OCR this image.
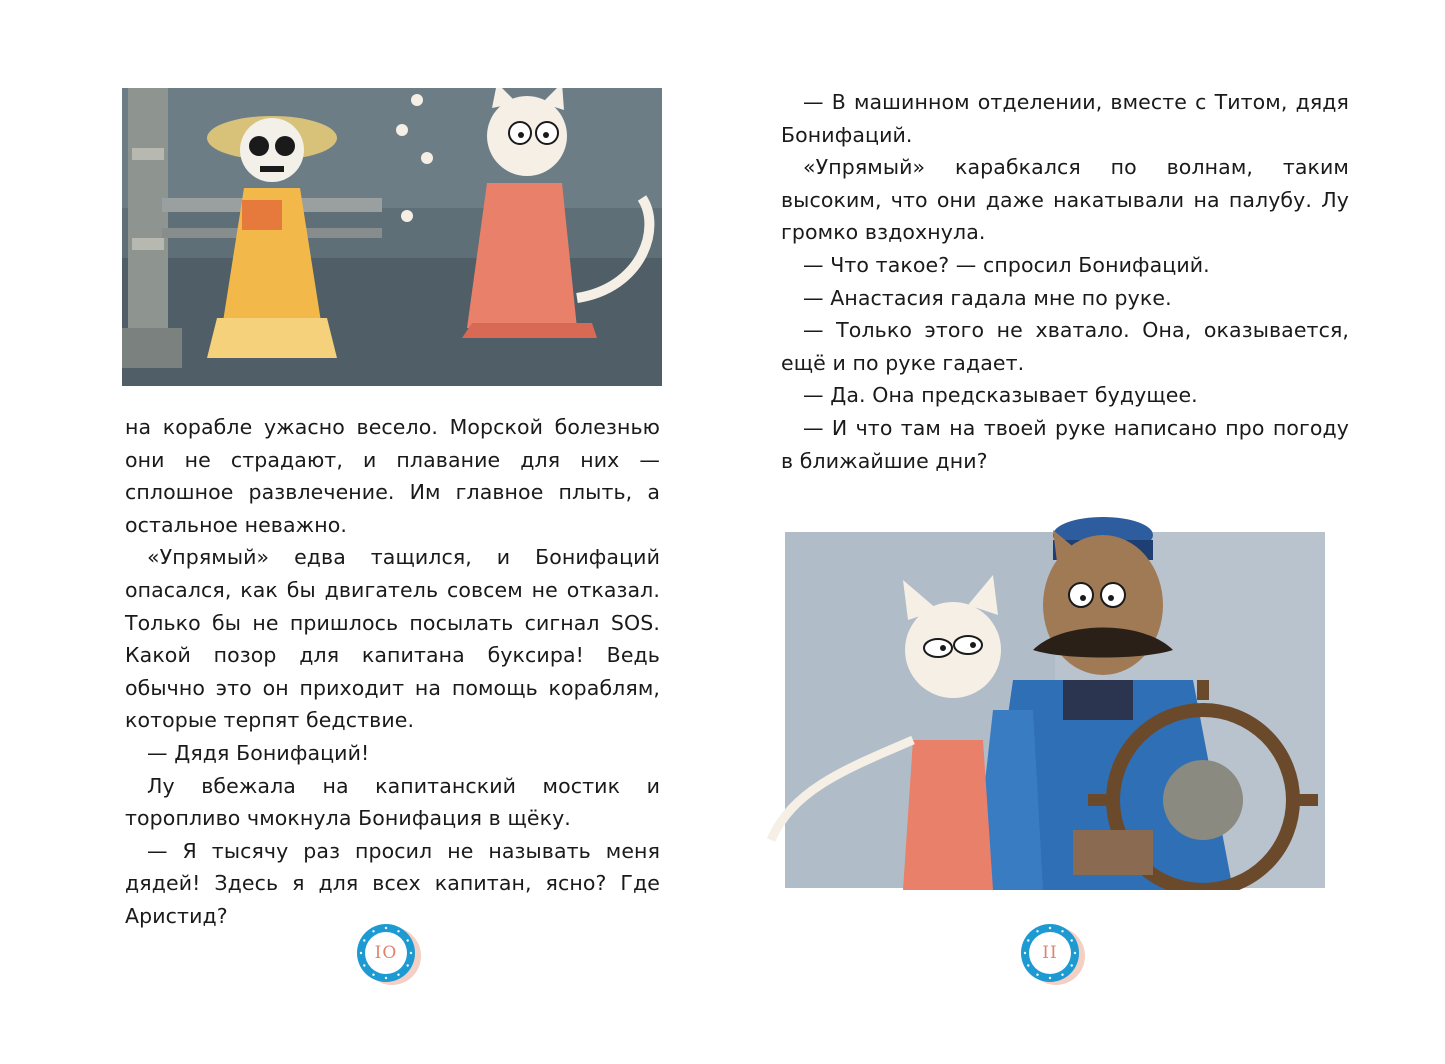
на корабле ужасно весело. Морской болезнью они не страдают, и плавание для них — сплошное развлечение. Им главное плыть, а остальное неважно.

«Упрямый» едва тащился, и Бонифаций опасался, как бы двигатель совсем не отказал. Только бы не пришлось посылать сигнал SOS. Какой позор для капитана буксира! Ведь обычно это он приходит на помощь кораблям, которые терпят бедствие.

— Дядя Бонифаций!

Лу вбежала на капитанский мостик и торопливо чмокнула Бонифация в щёку.

— Я тысячу раз просил не называть меня дядей! Здесь я для всех капитан, ясно? Где Аристид?

IO

— В машинном отделении, вместе с Титом, дядя Бонифаций.

«Упрямый» карабкался по волнам, таким высоким, что они даже накатывали на палубу. Лу громко вздохнула.

— Что такое? — спросил Бонифаций.

— Анастасия гадала мне по руке.

— Только этого не хватало. Она, оказывается, ещё и по руке гадает.

— Да. Она предсказывает будущее.

— И что там на твоей руке написано про погоду в ближайшие дни?

II
